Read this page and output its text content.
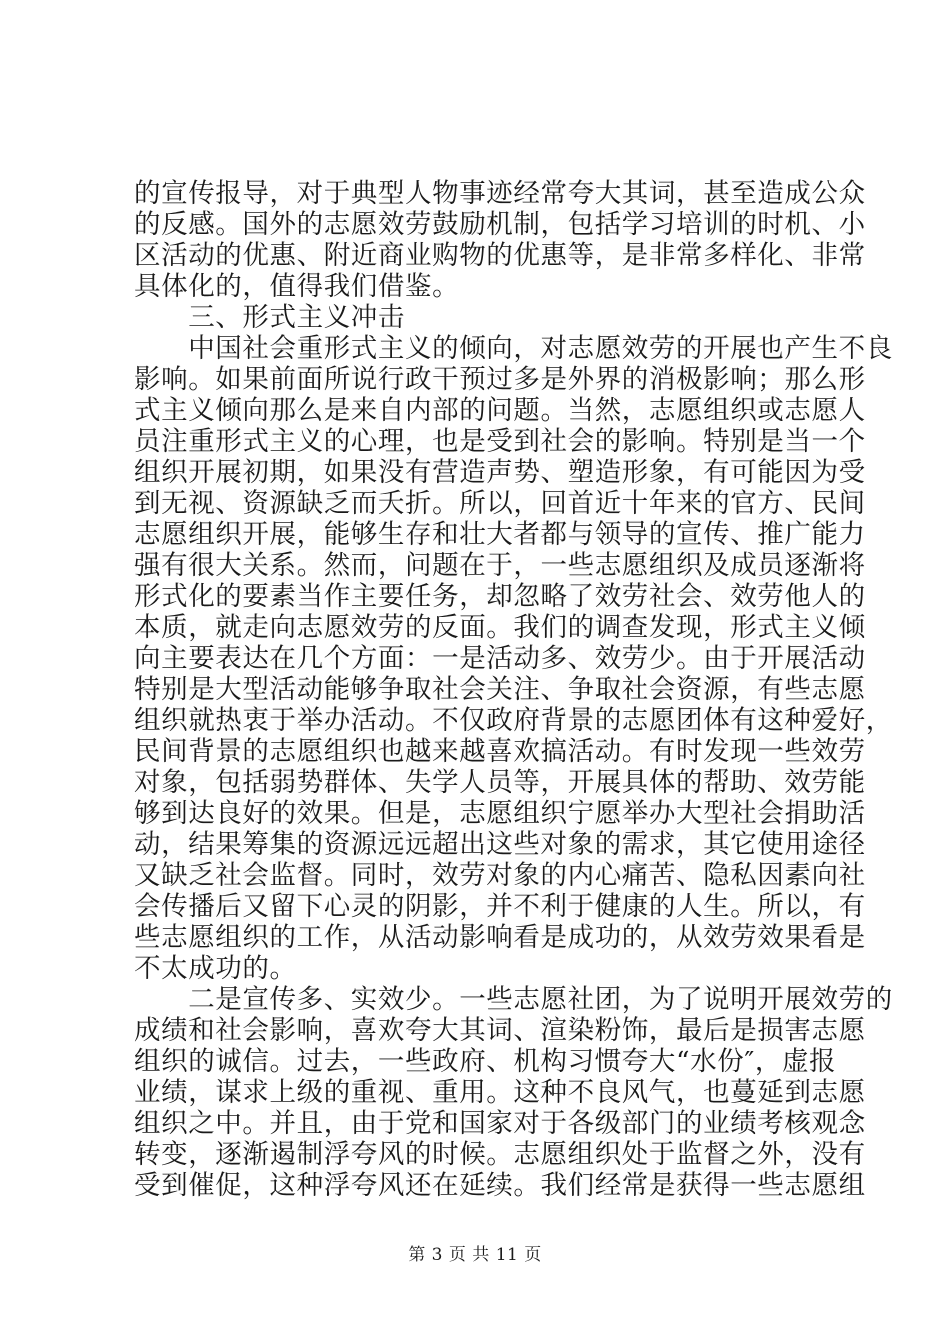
的宣传报导，对于典型人物事迹经常夸大其词，甚至造成公众
的反感。国外的志愿效劳鼓励机制，包括学习培训的时机、小
区活动的优惠、附近商业购物的优惠等，是非常多样化、非常
具体化的，值得我们借鉴。
　　三、形式主义冲击
　　中国社会重形式主义的倾向，对志愿效劳的开展也产生不良
影响。如果前面所说行政干预过多是外界的消极影响；那么形
式主义倾向那么是来自内部的问题。当然，志愿组织或志愿人
员注重形式主义的心理，也是受到社会的影响。特别是当一个
组织开展初期，如果没有营造声势、塑造形象，有可能因为受
到无视、资源缺乏而夭折。所以，回首近十年来的官方、民间
志愿组织开展，能够生存和壮大者都与领导的宣传、推广能力
强有很大关系。然而，问题在于，一些志愿组织及成员逐渐将
形式化的要素当作主要任务，却忽略了效劳社会、效劳他人的
本质，就走向志愿效劳的反面。我们的调查发现，形式主义倾
向主要表达在几个方面：一是活动多、效劳少。由于开展活动
特别是大型活动能够争取社会关注、争取社会资源，有些志愿
组织就热衷于举办活动。不仅政府背景的志愿团体有这种爱好，
民间背景的志愿组织也越来越喜欢搞活动。有时发现一些效劳
对象，包括弱势群体、失学人员等，开展具体的帮助、效劳能
够到达良好的效果。但是，志愿组织宁愿举办大型社会捐助活
动，结果筹集的资源远远超出这些对象的需求，其它使用途径
又缺乏社会监督。同时，效劳对象的内心痛苦、隐私因素向社
会传播后又留下心灵的阴影，并不利于健康的人生。所以，有
些志愿组织的工作，从活动影响看是成功的，从效劳效果看是
不太成功的。
　　二是宣传多、实效少。一些志愿社团，为了说明开展效劳的
成绩和社会影响，喜欢夸大其词、渲染粉饰，最后是损害志愿
组织的诚信。过去，一些政府、机构习惯夸大“水份″，虚报
业绩，谋求上级的重视、重用。这种不良风气，也蔓延到志愿
组织之中。并且，由于党和国家对于各级部门的业绩考核观念
转变，逐渐遏制浮夸风的时候。志愿组织处于监督之外，没有
受到催促，这种浮夸风还在延续。我们经常是获得一些志愿组
第 3 页 共 11 页
